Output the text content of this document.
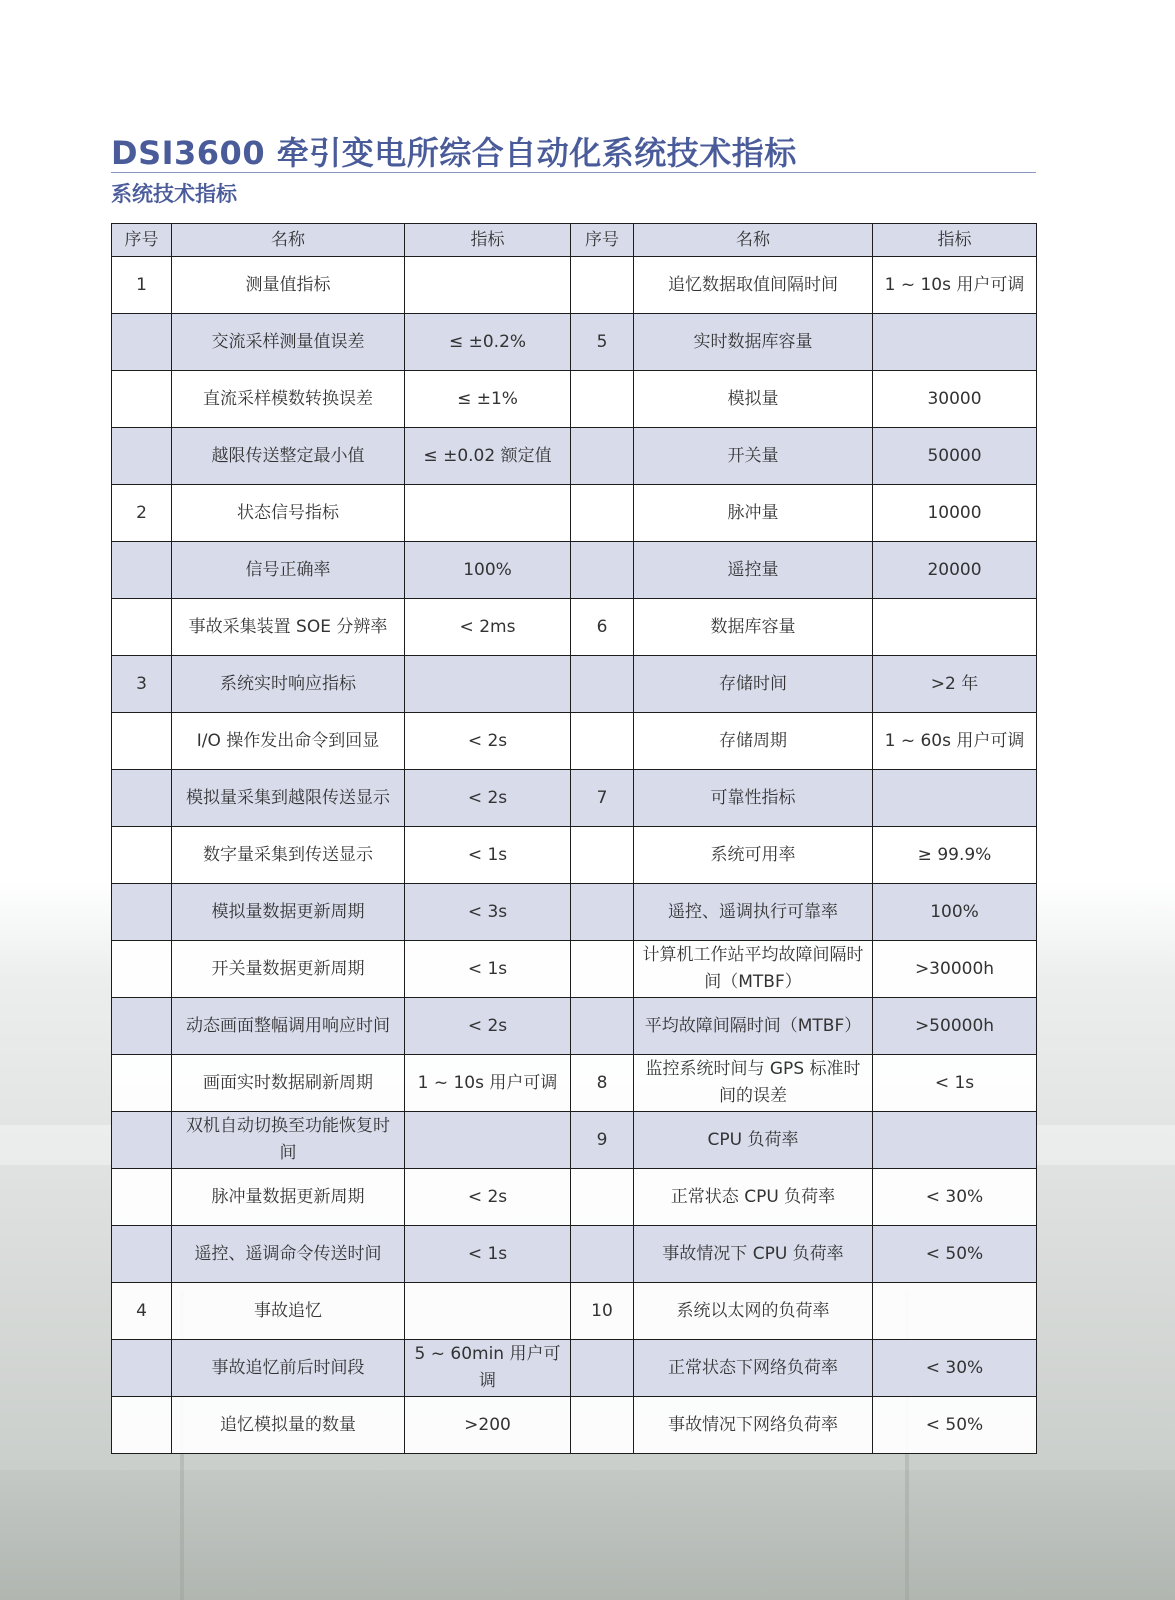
DSI3600 牵引变电所综合自动化系统技术指标
系统技术指标
序号	名称	指标	序号	名称	指标
1	测量值指标			追忆数据取值间隔时间	1 ~ 10s 用户可调
	交流采样测量值误差	≤ ±0.2%	5	实时数据库容量	
	直流采样模数转换误差	≤ ±1%		模拟量	30000
	越限传送整定最小值	≤ ±0.02 额定值		开关量	50000
2	状态信号指标			脉冲量	10000
	信号正确率	100%		遥控量	20000
	事故采集装置 SOE 分辨率	< 2ms	6	数据库容量	
3	系统实时响应指标			存储时间	>2 年
	I/O 操作发出命令到回显	< 2s		存储周期	1 ~ 60s 用户可调
	模拟量采集到越限传送显示	< 2s	7	可靠性指标	
	数字量采集到传送显示	< 1s		系统可用率	≥ 99.9%
	模拟量数据更新周期	< 3s		遥控、遥调执行可靠率	100%
	开关量数据更新周期	< 1s		计算机工作站平均故障间隔时间（MTBF）	>30000h
	动态画面整幅调用响应时间	< 2s		平均故障间隔时间（MTBF）	>50000h
	画面实时数据刷新周期	1 ~ 10s 用户可调	8	监控系统时间与 GPS 标准时间的误差	< 1s
	双机自动切换至功能恢复时间		9	CPU 负荷率	
	脉冲量数据更新周期	< 2s		正常状态 CPU 负荷率	< 30%
	遥控、遥调命令传送时间	< 1s		事故情况下 CPU 负荷率	< 50%
4	事故追忆		10	系统以太网的负荷率	
	事故追忆前后时间段	5 ~ 60min 用户可调		正常状态下网络负荷率	< 30%
	追忆模拟量的数量	>200		事故情况下网络负荷率	< 50%
